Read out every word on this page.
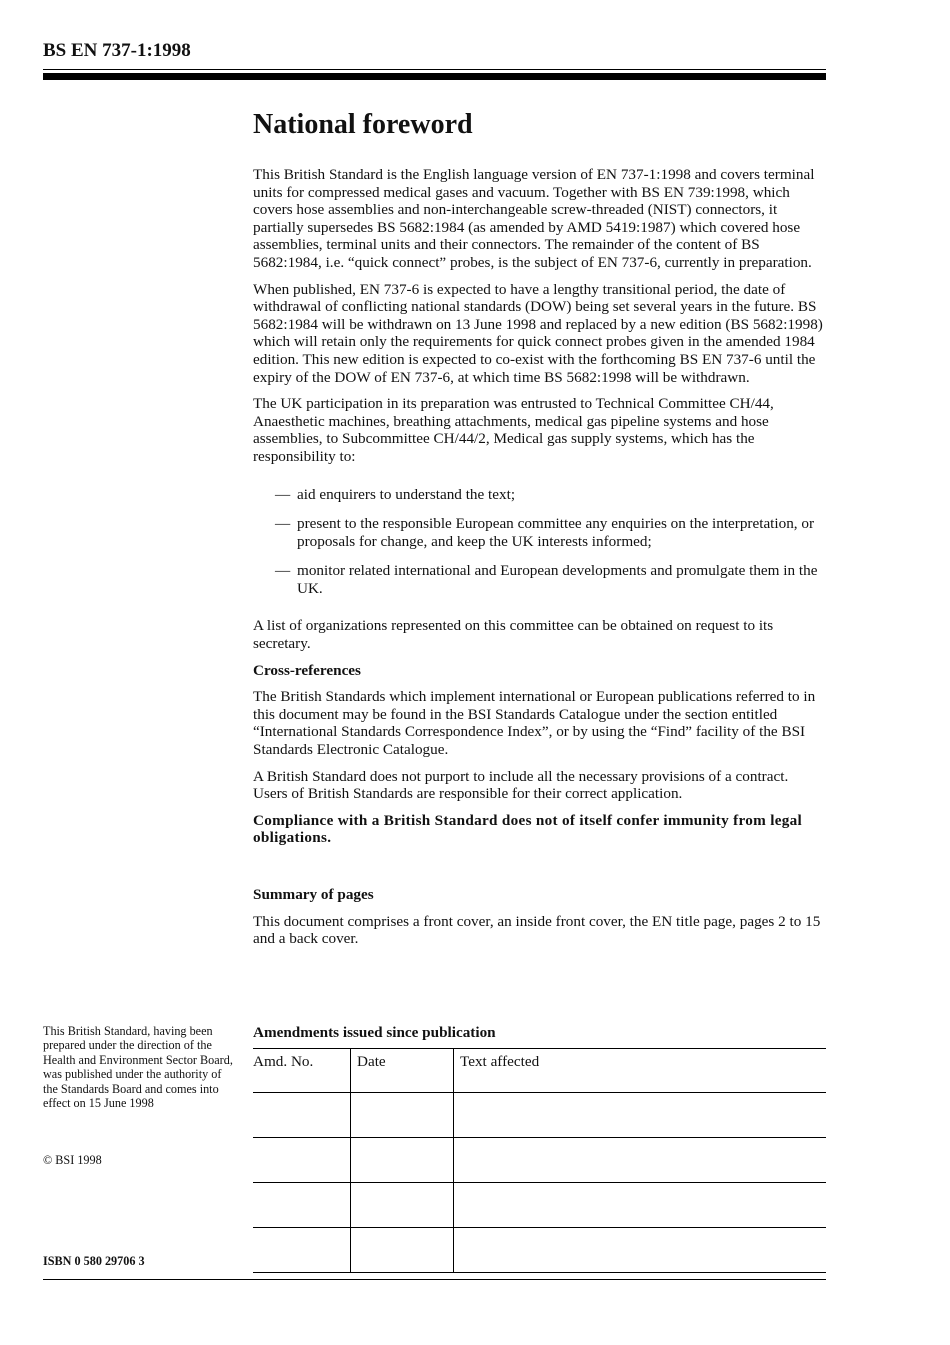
BS EN 737-1:1998
National foreword

This British Standard is the English language version of EN 737-1:1998 and covers terminal units for compressed medical gases and vacuum. Together with BS EN 739:1998, which covers hose assemblies and non-interchangeable screw-threaded (NIST) connectors, it partially supersedes BS 5682:1984 (as amended by AMD 5419:1987) which covered hose assemblies, terminal units and their connectors. The remainder of the content of BS 5682:1984, i.e. “quick connect” probes, is the subject of EN 737-6, currently in preparation.

When published, EN 737-6 is expected to have a lengthy transitional period, the date of withdrawal of conflicting national standards (DOW) being set several years in the future. BS 5682:1984 will be withdrawn on 13 June 1998 and replaced by a new edition (BS 5682:1998) which will retain only the requirements for quick connect probes given in the amended 1984 edition. This new edition is expected to co-exist with the forthcoming BS EN 737-6 until the expiry of the DOW of EN 737-6, at which time BS 5682:1998 will be withdrawn.

The UK participation in its preparation was entrusted to Technical Committee CH/44, Anaesthetic machines, breathing attachments, medical gas pipeline systems and hose assemblies, to Subcommittee CH/44/2, Medical gas supply systems, which has the responsibility to:

— aid enquirers to understand the text;
— present to the responsible European committee any enquiries on the interpretation, or proposals for change, and keep the UK interests informed;
— monitor related international and European developments and promulgate them in the UK.

A list of organizations represented on this committee can be obtained on request to its secretary.

Cross-references

The British Standards which implement international or European publications referred to in this document may be found in the BSI Standards Catalogue under the section entitled “International Standards Correspondence Index”, or by using the “Find” facility of the BSI Standards Electronic Catalogue.

A British Standard does not purport to include all the necessary provisions of a contract. Users of British Standards are responsible for their correct application.

Compliance with a British Standard does not of itself confer immunity from legal obligations.

Summary of pages

This document comprises a front cover, an inside front cover, the EN title page, pages 2 to 15 and a back cover.

This British Standard, having been prepared under the direction of the Health and Environment Sector Board, was published under the authority of the Standards Board and comes into effect on 15 June 1998
© BSI 1998
ISBN 0 580 29706 3
Amendments issued since publication
Amd. No.	Date	Text affected
